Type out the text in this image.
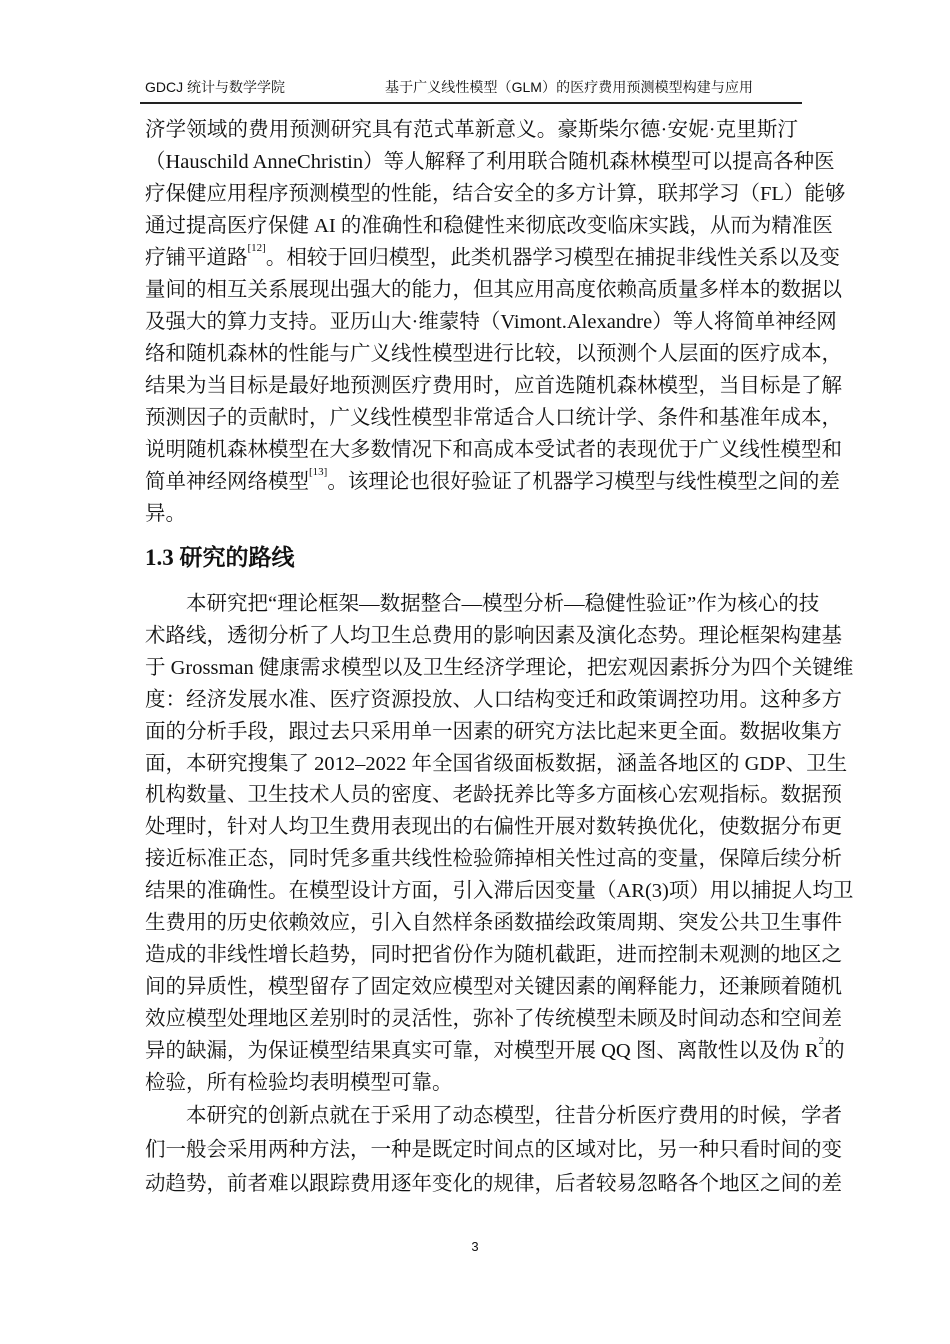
GDCJ 统计与数学学院	基于广义线性模型（GLM）的医疗费用预测模型构建与应用
济学领域的费用预测研究具有范式革新意义。豪斯柴尔德·安妮·克里斯汀
（Hauschild AnneChristin）等人解释了利用联合随机森林模型可以提高各种医
疗保健应用程序预测模型的性能，结合安全的多方计算，联邦学习（FL）能够
通过提高医疗保健 AI 的准确性和稳健性来彻底改变临床实践，从而为精准医
疗铺平道路[12]。相较于回归模型，此类机器学习模型在捕捉非线性关系以及变
量间的相互关系展现出强大的能力，但其应用高度依赖高质量多样本的数据以
及强大的算力支持。亚历山大·维蒙特（Vimont.Alexandre）等人将简单神经网
络和随机森林的性能与广义线性模型进行比较，以预测个人层面的医疗成本，
结果为当目标是最好地预测医疗费用时，应首选随机森林模型，当目标是了解
预测因子的贡献时，广义线性模型非常适合人口统计学、条件和基准年成本，
说明随机森林模型在大多数情况下和高成本受试者的表现优于广义线性模型和
简单神经网络模型[13]。该理论也很好验证了机器学习模型与线性模型之间的差
异。
　　本研究把“理论框架—数据整合—模型分析—稳健性验证”作为核心的技
术路线，透彻分析了人均卫生总费用的影响因素及演化态势。理论框架构建基
于 Grossman 健康需求模型以及卫生经济学理论，把宏观因素拆分为四个关键维
度：经济发展水准、医疗资源投放、人口结构变迁和政策调控功用。这种多方
面的分析手段，跟过去只采用单一因素的研究方法比起来更全面。数据收集方
面，本研究搜集了 2012–2022 年全国省级面板数据，涵盖各地区的 GDP、卫生
机构数量、卫生技术人员的密度、老龄抚养比等多方面核心宏观指标。数据预
处理时，针对人均卫生费用表现出的右偏性开展对数转换优化，使数据分布更
接近标准正态，同时凭多重共线性检验筛掉相关性过高的变量，保障后续分析
结果的准确性。在模型设计方面，引入滞后因变量（AR(3)项）用以捕捉人均卫
生费用的历史依赖效应，引入自然样条函数描绘政策周期、突发公共卫生事件
造成的非线性增长趋势，同时把省份作为随机截距，进而控制未观测的地区之
间的异质性，模型留存了固定效应模型对关键因素的阐释能力，还兼顾着随机
效应模型处理地区差别时的灵活性，弥补了传统模型未顾及时间动态和空间差
异的缺漏，为保证模型结果真实可靠，对模型开展 QQ 图、离散性以及伪 $R^2$的
检验，所有检验均表明模型可靠。
　　本研究的创新点就在于采用了动态模型，往昔分析医疗费用的时候，学者
们一般会采用两种方法，一种是既定时间点的区域对比，另一种只看时间的变
动趋势，前者难以跟踪费用逐年变化的规律，后者较易忽略各个地区之间的差
1.3 研究的路线
3
